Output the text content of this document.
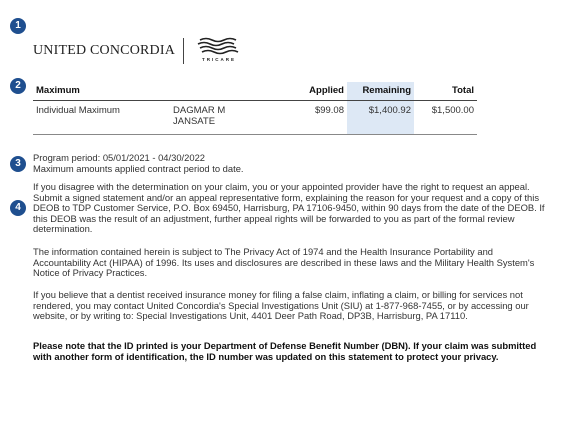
1
2
3
4
UNITED CONCORDIA
TRICARE
Maximum		Applied	Remaining	Total
Individual Maximum	DAGMAR M
JANSATE	$99.08	$1,400.92	$1,500.00

Program period: 05/01/2021 - 04/30/2022

Maximum amounts applied contract period to date.

If you disagree with the determination on your claim, you or your appointed provider have the right to request an appeal. Submit a signed statement and/or an appeal representative form, explaining the reason for your request and a copy of this DEOB to TDP Customer Service, P.O. Box 69450, Harrisburg, PA 17106-9450, within 90 days from the date of the DEOB. If this DEOB was the result of an adjustment, further appeal rights will be forwarded to you as part of the formal review determination.

The information contained herein is subject to The Privacy Act of 1974 and the Health Insurance Portability and Accountability Act (HIPAA) of 1996. Its uses and disclosures are described in these laws and the Military Health System's Notice of Privacy Practices.

If you believe that a dentist received insurance money for filing a false claim, inflating a claim, or billing for services not rendered, you may contact United Concordia's Special Investigations Unit (SIU) at 1-877-968-7455, or by accessing our website, or by writing to: Special Investigations Unit, 4401 Deer Path Road, DP3B, Harrisburg, PA 17110.

Please note that the ID printed is your Department of Defense Benefit Number (DBN). If your claim was submitted with another form of identification, the ID number was updated on this statement to protect your privacy.
